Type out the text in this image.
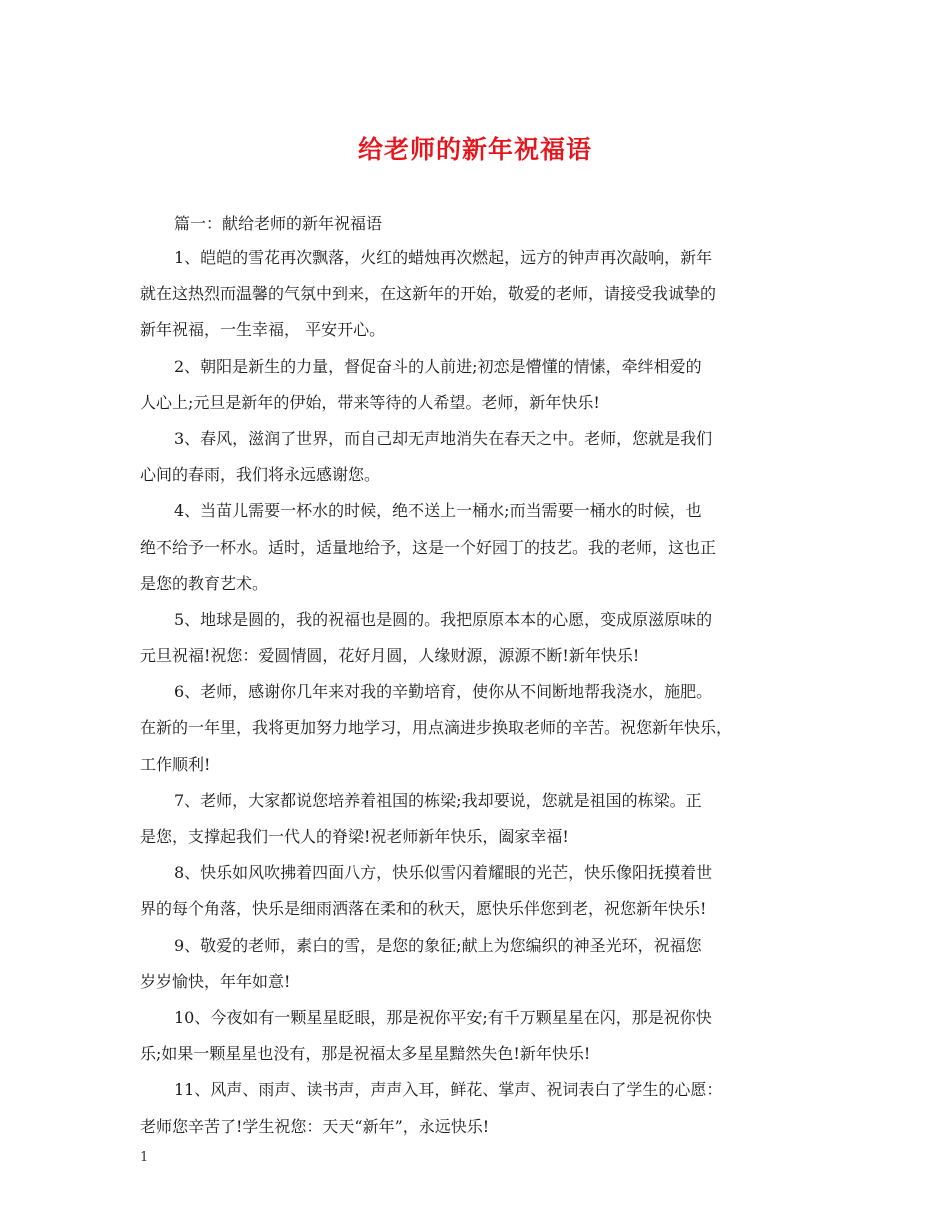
给老师的新年祝福语

篇一：献给老师的新年祝福语

1、皑皑的雪花再次飘落，火红的蜡烛再次燃起，远方的钟声再次敲响，新年
就在这热烈而温馨的气氛中到来，在这新年的开始，敬爱的老师，请接受我诚挚的
新年祝福，一生幸福， 平安开心。
2、朝阳是新生的力量，督促奋斗的人前进;初恋是懵懂的情愫，牵绊相爱的
人心上;元旦是新年的伊始，带来等待的人希望。老师，新年快乐!
3、春风，滋润了世界，而自己却无声地消失在春天之中。老师，您就是我们
心间的春雨，我们将永远感谢您。
4、当苗儿需要一杯水的时候，绝不送上一桶水;而当需要一桶水的时候，也
绝不给予一杯水。适时，适量地给予，这是一个好园丁的技艺。我的老师，这也正
是您的教育艺术。
5、地球是圆的，我的祝福也是圆的。我把原原本本的心愿，变成原滋原味的
元旦祝福!祝您：爱圆情圆，花好月圆，人缘财源，源源不断!新年快乐!
6、老师，感谢你几年来对我的辛勤培育，使你从不间断地帮我浇水，施肥。
在新的一年里，我将更加努力地学习，用点滴进步换取老师的辛苦。祝您新年快乐，
工作顺利!
7、老师，大家都说您培养着祖国的栋梁;我却要说，您就是祖国的栋梁。正
是您，支撑起我们一代人的脊梁!祝老师新年快乐，阖家幸福!
8、快乐如风吹拂着四面八方，快乐似雪闪着耀眼的光芒，快乐像阳抚摸着世
界的每个角落，快乐是细雨洒落在柔和的秋天，愿快乐伴您到老，祝您新年快乐!
9、敬爱的老师，素白的雪，是您的象征;献上为您编织的神圣光环，祝福您
岁岁愉快，年年如意!
10、今夜如有一颗星星眨眼，那是祝你平安;有千万颗星星在闪，那是祝你快
乐;如果一颗星星也没有，那是祝福太多星星黯然失色!新年快乐!
11、风声、雨声、读书声，声声入耳，鲜花、掌声、祝词表白了学生的心愿：
老师您辛苦了!学生祝您：天天“新年”，永远快乐!

1
